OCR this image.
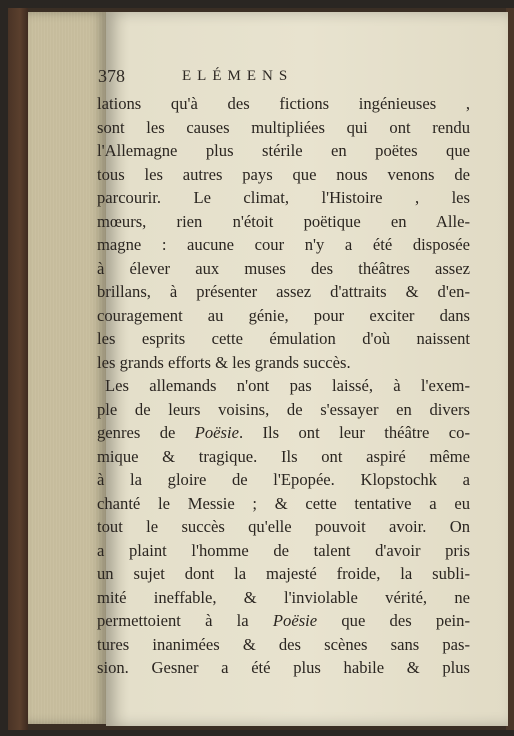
378	ELÉMENS
lations qu'à des fictions ingénieuses ,
sont les causes multipliées qui ont rendu
l'Allemagne plus stérile en poëtes que
tous les autres pays que nous venons de
parcourir. Le climat, l'Histoire , les
mœurs, rien n'étoit poëtique en Alle-
magne : aucune cour n'y a été disposée
à élever aux muses des théâtres assez
brillans, à présenter assez d'attraits & d'en-
couragement au génie, pour exciter dans
les esprits cette émulation d'où naissent
les grands efforts & les grands succès.
Les allemands n'ont pas laissé, à l'exem-
ple de leurs voisins, de s'essayer en divers
genres de Poësie. Ils ont leur théâtre co-
mique & tragique. Ils ont aspiré même
à la gloire de l'Epopée. Klopstochk a
chanté le Messie ; & cette tentative a eu
tout le succès qu'elle pouvoit avoir. On
a plaint l'homme de talent d'avoir pris
un sujet dont la majesté froide, la subli-
mité ineffable, & l'inviolable vérité, ne
permettoient à la Poësie que des pein-
tures inanimées & des scènes sans pas-
sion. Gesner a été plus habile & plus
